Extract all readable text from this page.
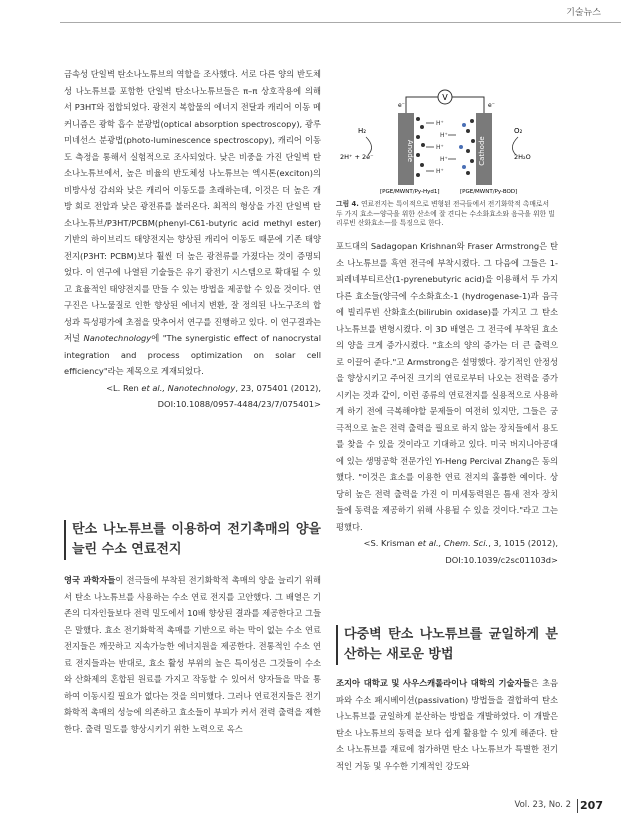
기술뉴스

금속성 단일벽 탄소나노튜브의 역할을 조사했다. 서로 다른 양의 반도체성 나노튜브를 포함한 단일벽 탄소나노튜브들은 π–π 상호작용에 의해서 P3HT와 접합되었다. 광전지 복합물의 에너지 전달과 캐리어 이동 메커니즘은 광학 흡수 분광법(optical absorption spectroscopy), 광루미네선스 분광법(photo-luminescence spectroscopy), 캐리어 이동도 측정을 통해서 실험적으로 조사되었다. 낮은 비중을 가진 단일벽 탄소나노튜브에서, 높은 비율의 반도체성 나노튜브는 엑시톤(exciton)의 비방사성 감쇠와 낮은 캐리어 이동도를 초래하는데, 이것은 더 높은 개방 회로 전압과 낮은 광전류를 불러온다. 최적의 형상을 가진 단일벽 탄소나노튜브/P3HT/PCBM(phenyl-C61-butyric acid methyl ester) 기반의 하이브리드 태양전지는 향상된 캐리어 이동도 때문에 기존 태양전지(P3HT: PCBM)보다 훨씬 더 높은 광전류를 가졌다는 것이 증명되었다. 이 연구에 나열된 기술들은 유기 광전기 시스템으로 확대될 수 있고 효율적인 태양전지를 만들 수 있는 방법을 제공할 수 있을 것이다. 연구진은 나노물질로 인한 향상된 에너지 변환, 잘 정의된 나노구조의 합성과 특성평가에 초점을 맞추어서 연구를 진행하고 있다. 이 연구결과는 저널 Nanotechnology에 "The synergistic effect of nanocrystal integration and process optimization on solar cell efficiency"라는 제목으로 게재되었다.

<L. Ren et al., Nanotechnology, 23, 075401 (2012),

DOI:10.1088/0957-4484/23/7/075401>

탄소 나노튜브를 이용하여 전기촉매의 양을 늘린 수소 연료전지

영국 과학자들이 전극들에 부착된 전기화학적 촉매의 양을 늘리기 위해서 탄소 나노튜브를 사용하는 수소 연료 전지를 고안했다. 그 배열은 기존의 디자인들보다 전력 밀도에서 10배 향상된 결과를 제공한다고 그들은 말했다. 효소 전기화학적 촉매를 기반으로 하는 막이 없는 수소 연료 전지들은 깨끗하고 지속가능한 에너지원을 제공한다. 전통적인 수소 연료 전지들과는 반대로, 효소 활성 부위의 높은 특이성은 그것들이 수소와 산화제의 혼합된 원료를 가지고 작동할 수 있어서 양자들을 막을 통하여 이동시킬 필요가 없다는 것을 의미했다. 그러나 연료전지들은 전기화학적 촉매의 성능에 의존하고 효소들이 부피가 커서 전력 출력을 제한한다. 출력 밀도를 향상시키기 위한 노력으로 옥스

V
e⁻	e⁻
Anode	Cathode
H⁺
H⁺
H⁺
H⁺
H⁺
H₂
2H⁺ + 2e⁻
O₂
2H₂O
[PGE/MWNT/Py-Hyd1]	[PGE/MWNT/Py-BOD]
그림 4. 연료전지는 특이적으로 변형된 전극들에서 전기화학적 촉매로서 두 가지 효소—양극을 위한 산소에 잘 견디는 수소화효소와 음극을 위한 빌리루빈 산화효소—를 특징으로 한다.

포드대의 Sadagopan Krishnan와 Fraser Armstrong은 탄소 나노튜브를 흑연 전극에 부착시켰다. 그 다음에 그들은 1-피레네부티르산(1-pyrenebutyric acid)을 이용해서 두 가지 다른 효소들(양극에 수소화효소-1 (hydrogenase-1)과 음극에 빌리루빈 산화효소(bilirubin oxidase)를 가지고 그 탄소 나노튜브를 변형시켰다. 이 3D 배열은 그 전극에 부착된 효소의 양을 크게 증가시켰다. "효소의 양의 증가는 더 큰 출력으로 이끌어 준다."고 Armstrong은 설명했다. 장기적인 안정성을 향상시키고 주어진 크기의 연료로부터 나오는 전력을 증가시키는 것과 같이, 이런 종류의 연료전지를 실용적으로 사용하게 하기 전에 극복해야할 문제들이 여전히 있지만, 그들은 궁극적으로 높은 전력 출력을 필요로 하지 않는 장치들에서 용도를 찾을 수 있을 것이라고 기대하고 있다. 미국 버지니아공대에 있는 생명공학 전문가인 Yi-Heng Percival Zhang은 동의했다. "이것은 효소를 이용한 연료 전지의 훌륭한 예이다. 상당히 높은 전력 출력을 가진 이 미세동력원은 틈새 전자 장치들에 동력을 제공하기 위해 사용될 수 있을 것이다."라고 그는 평했다.

<S. Krisman et al., Chem. Sci., 3, 1015 (2012),

DOI:10.1039/c2sc01103d>

다중벽 탄소 나노튜브를 균일하게 분산하는 새로운 방법

조지아 대학교 및 사우스캐롤라이나 대학의 기술자들은 초음파와 수소 패시베이션(passivation) 방법들을 결합하여 탄소 나노튜브를 균일하게 분산하는 방법을 개발하였다. 이 개발은 탄소 나노튜브의 동력을 보다 쉽게 활용할 수 있게 해준다. 탄소 나노튜브를 재료에 첨가하면 탄소 나노튜브가 특별한 전기적인 거동 및 우수한 기계적인 강도와

Vol. 23, No. 2 207
